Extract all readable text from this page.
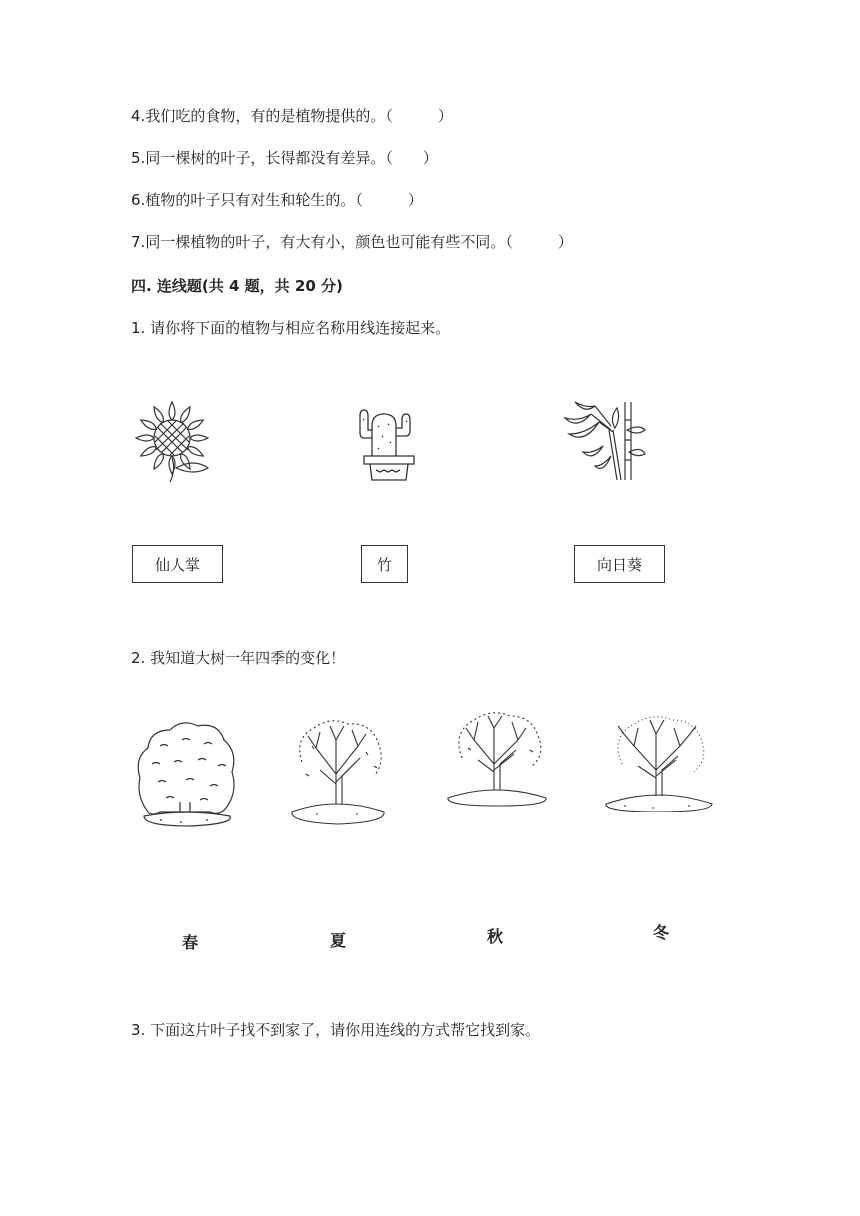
4.我们吃的食物，有的是植物提供的。（　　　）
5.同一棵树的叶子，长得都没有差异。（　　）
6.植物的叶子只有对生和轮生的。（　　　）
7.同一棵植物的叶子，有大有小，颜色也可能有些不同。（　　　）
四. 连线题(共 4 题，共 20 分)
1. 请你将下面的植物与相应名称用线连接起来。
仙人掌	竹	向日葵
2. 我知道大树一年四季的变化！
春	夏	秋	冬
3. 下面这片叶子找不到家了，请你用连线的方式帮它找到家。
